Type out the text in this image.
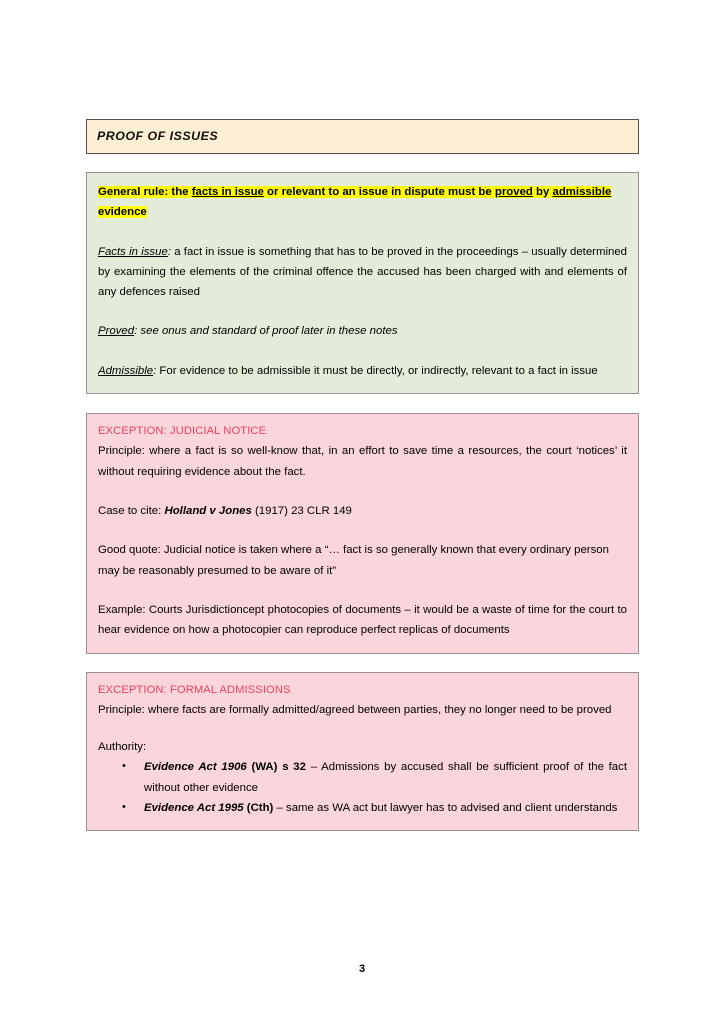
PROOF OF ISSUES

General rule: the facts in issue or relevant to an issue in dispute must be proved by admissible evidence

Facts in issue: a fact in issue is something that has to be proved in the proceedings – usually determined by examining the elements of the criminal offence the accused has been charged with and elements of any defences raised

Proved: see onus and standard of proof later in these notes

Admissible: For evidence to be admissible it must be directly, or indirectly, relevant to a fact in issue

EXCEPTION: JUDICIAL NOTICE

Principle: where a fact is so well-know that, in an effort to save time a resources, the court ‘notices’ it without requiring evidence about the fact.

Case to cite: Holland v Jones (1917) 23 CLR 149

Good quote: Judicial notice is taken where a “… fact is so generally known that every ordinary person may be reasonably presumed to be aware of it”

Example: Courts Jurisdictioncept photocopies of documents – it would be a waste of time for the court to hear evidence on how a photocopier can reproduce perfect replicas of documents

EXCEPTION: FORMAL ADMISSIONS

Principle: where facts are formally admitted/agreed between parties, they no longer need to be proved

Authority:

• Evidence Act 1906 (WA) s 32 – Admissions by accused shall be sufficient proof of the fact without other evidence
• Evidence Act 1995 (Cth) – same as WA act but lawyer has to advised and client understands
3
